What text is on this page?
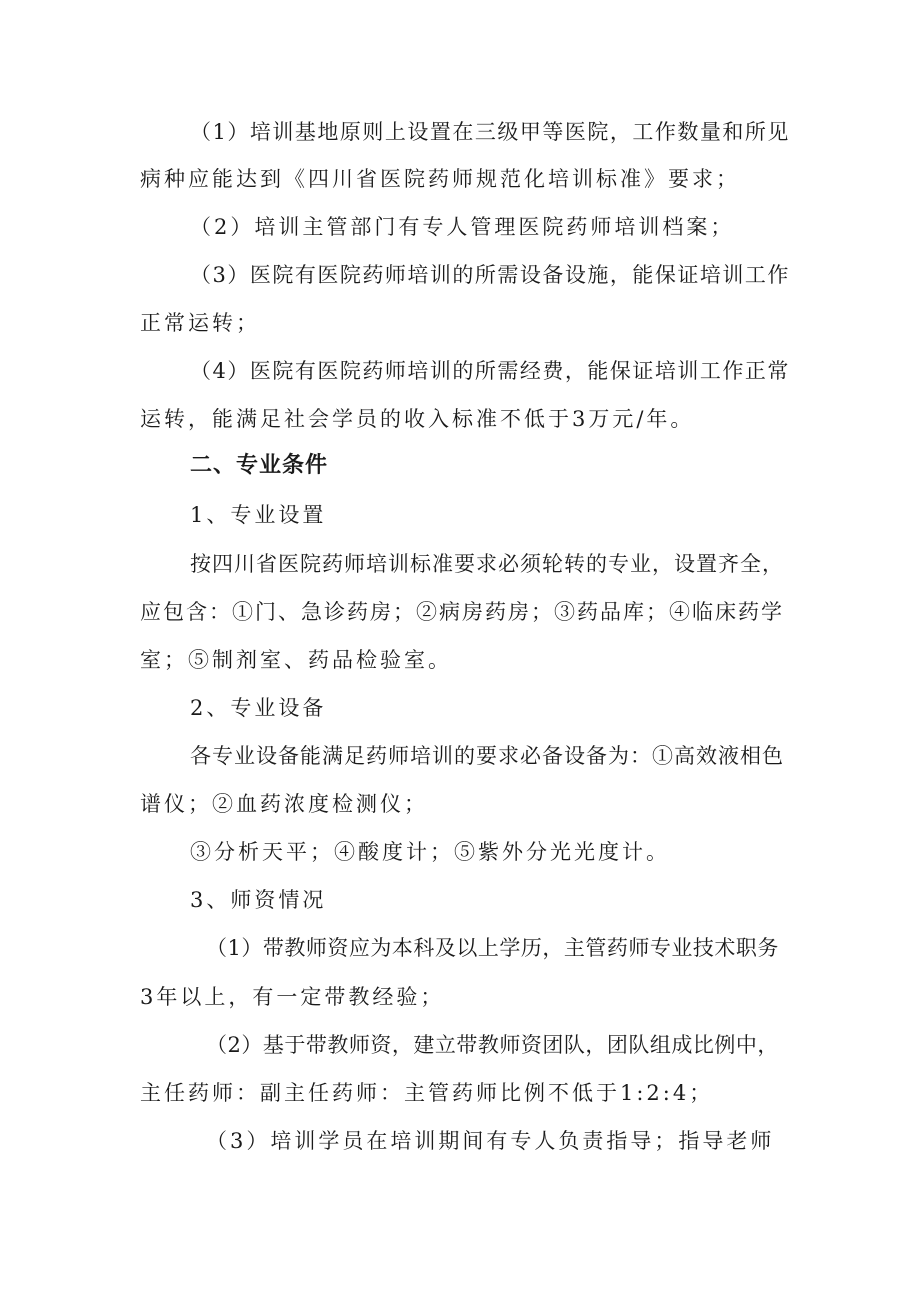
（1）培训基地原则上设置在三级甲等医院，工作数量和所见
病种应能达到《四川省医院药师规范化培训标准》要求；
（2）培训主管部门有专人管理医院药师培训档案；
（3）医院有医院药师培训的所需设备设施，能保证培训工作
正常运转；
（4）医院有医院药师培训的所需经费，能保证培训工作正常
运转，能满足社会学员的收入标准不低于3万元/年。
二、专业条件
1、专业设置
按四川省医院药师培训标准要求必须轮转的专业，设置齐全，
应包含：①门、急诊药房；②病房药房；③药品库；④临床药学
室；⑤制剂室、药品检验室。
2、专业设备
各专业设备能满足药师培训的要求必备设备为：①高效液相色
谱仪；②血药浓度检测仪；
③分析天平；④酸度计；⑤紫外分光光度计。
3、师资情况
（1）带教师资应为本科及以上学历，主管药师专业技术职务
3年以上，有一定带教经验；
（2）基于带教师资，建立带教师资团队，团队组成比例中，
主任药师：副主任药师：主管药师比例不低于1:2:4；
（3）培训学员在培训期间有专人负责指导；指导老师
